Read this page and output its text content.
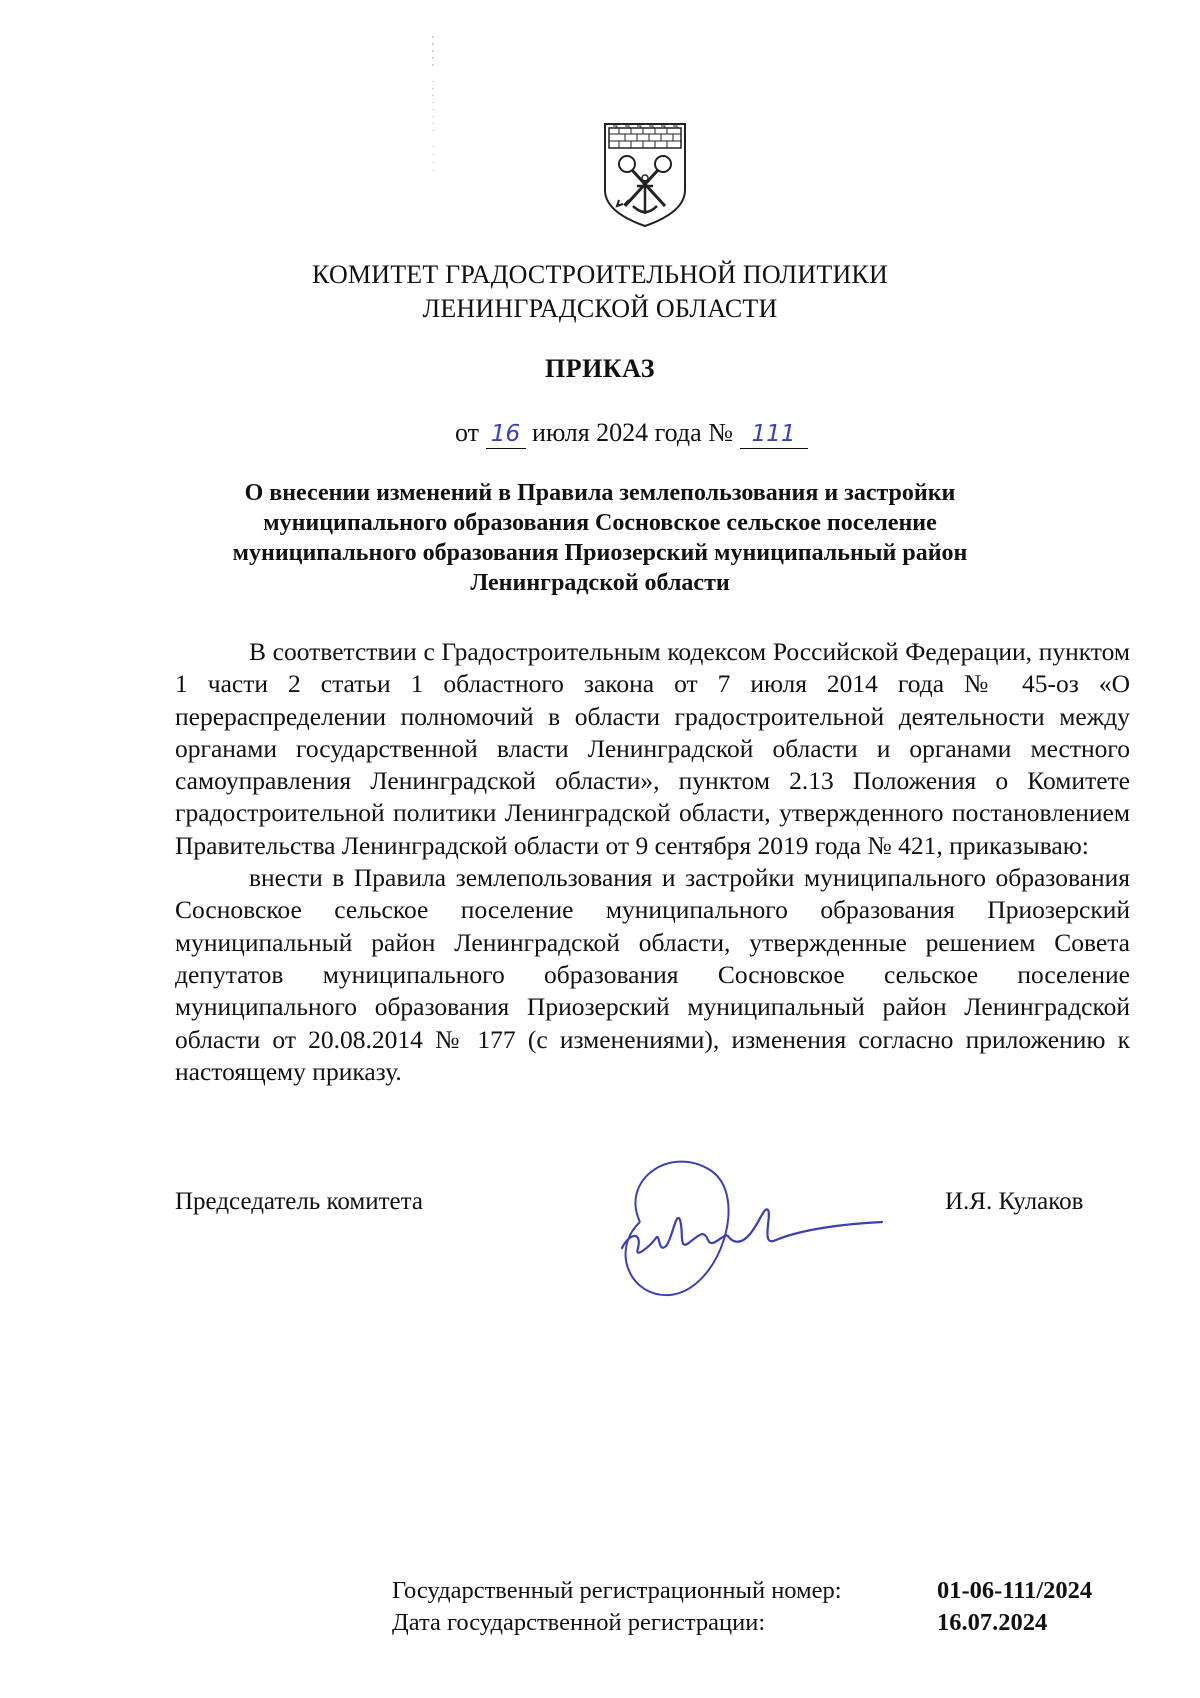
КОМИТЕТ ГРАДОСТРОИТЕЛЬНОЙ ПОЛИТИКИ
ЛЕНИНГРАДСКОЙ ОБЛАСТИ
ПРИКАЗ
от 16 июля 2024 года № 111
О внесении изменений в Правила землепользования и застройки
муниципального образования Сосновское сельское поселение
муниципального образования Приозерский муниципальный район
Ленинградской области

В соответствии с Градостроительным кодексом Российской Федерации, пунктом 1 части 2 статьи 1 областного закона от 7 июля 2014 года № 45-оз «О перераспределении полномочий в области градостроительной деятельности между органами государственной власти Ленинградской области и органами местного самоуправления Ленинградской области», пунктом 2.13 Положения о Комитете градостроительной политики Ленинградской области, утвержденного постановлением Правительства Ленинградской области от 9 сентября 2019 года № 421, приказываю:

внести в Правила землепользования и застройки муниципального образования Сосновское сельское поселение муниципального образования Приозерский муниципальный район Ленинградской области, утвержденные решением Совета депутатов муниципального образования Сосновское сельское поселение муниципального образования Приозерский муниципальный район Ленинградской области от 20.08.2014 № 177 (с изменениями), изменения согласно приложению к настоящему приказу.

Председатель комитета	И.Я. Кулаков
Государственный регистрационный номер:	01-06-111/2024
Дата государственной регистрации:	16.07.2024
